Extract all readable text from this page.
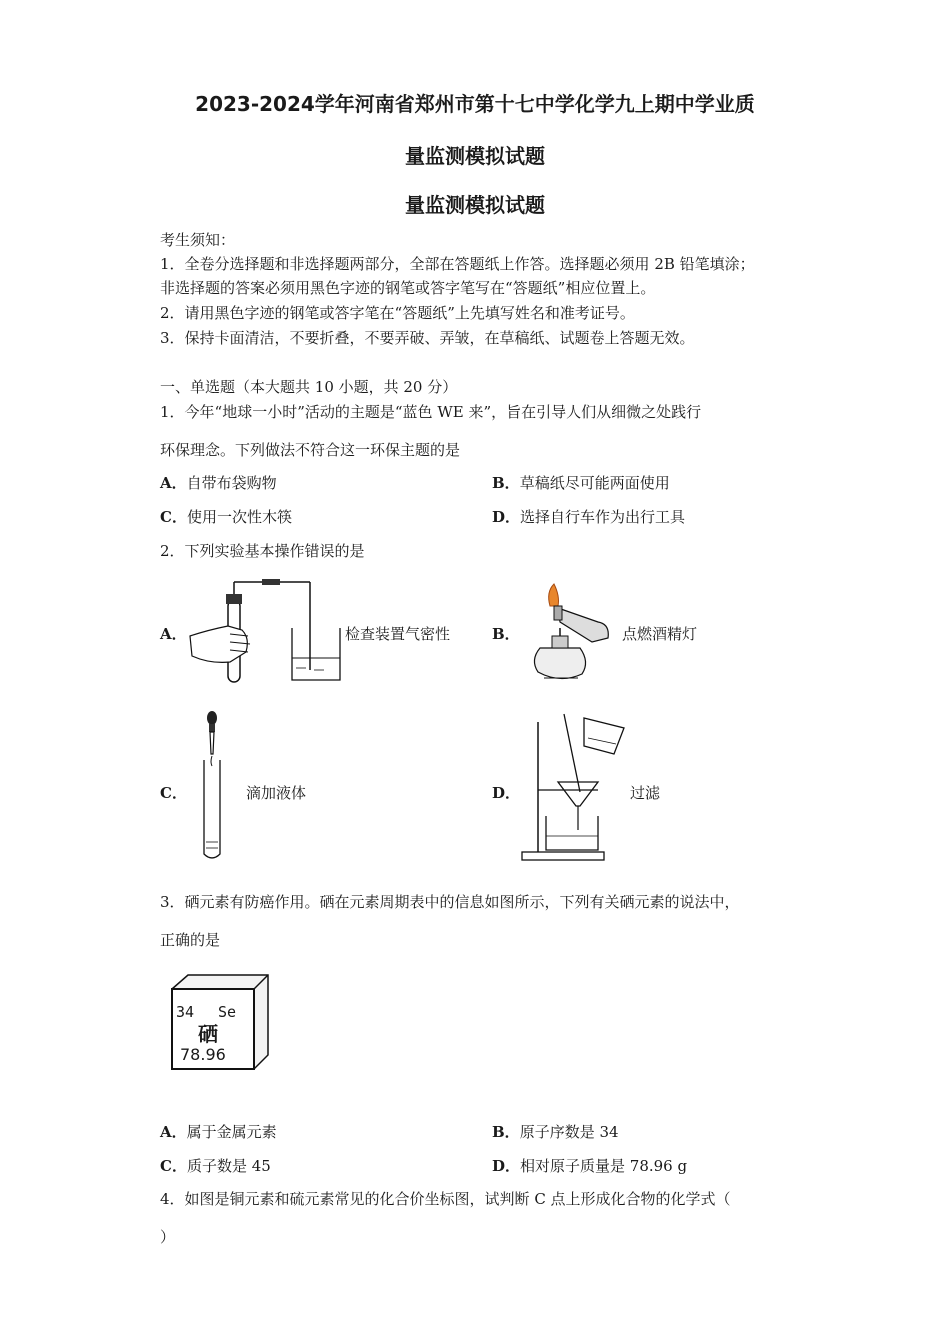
2023-2024学年河南省郑州市第十七中学化学九上期中学业质
量监测模拟试题
量监测模拟试题
考生须知：
1．全卷分选择题和非选择题两部分，全部在答题纸上作答。选择题必须用 2B 铅笔填涂；
非选择题的答案必须用黑色字迹的钢笔或答字笔写在“答题纸”相应位置上。
2．请用黑色字迹的钢笔或答字笔在“答题纸”上先填写姓名和准考证号。
3．保持卡面清洁，不要折叠，不要弄破、弄皱，在草稿纸、试题卷上答题无效。
一、单选题（本大题共 10 小题，共 20 分）
1．今年“地球一小时”活动的主题是“蓝色 WE 来”，旨在引导人们从细微之处践行
环保理念。下列做法不符合这一环保主题的是
A．自带布袋购物	B．草稿纸尽可能两面使用
C．使用一次性木筷	D．选择自行车作为出行工具
2．下列实验基本操作错误的是
A．	检查装置气密性	B．	点燃酒精灯
C．	滴加液体	D．	过滤
3．硒元素有防癌作用。硒在元素周期表中的信息如图所示，下列有关硒元素的说法中，
正确的是
34 Se
硒
78.96
A．属于金属元素	B．原子序数是 34
C．质子数是 45	D．相对原子质量是 78.96 g
4．如图是铜元素和硫元素常见的化合价坐标图，试判断 C 点上形成化合物的化学式（
）
